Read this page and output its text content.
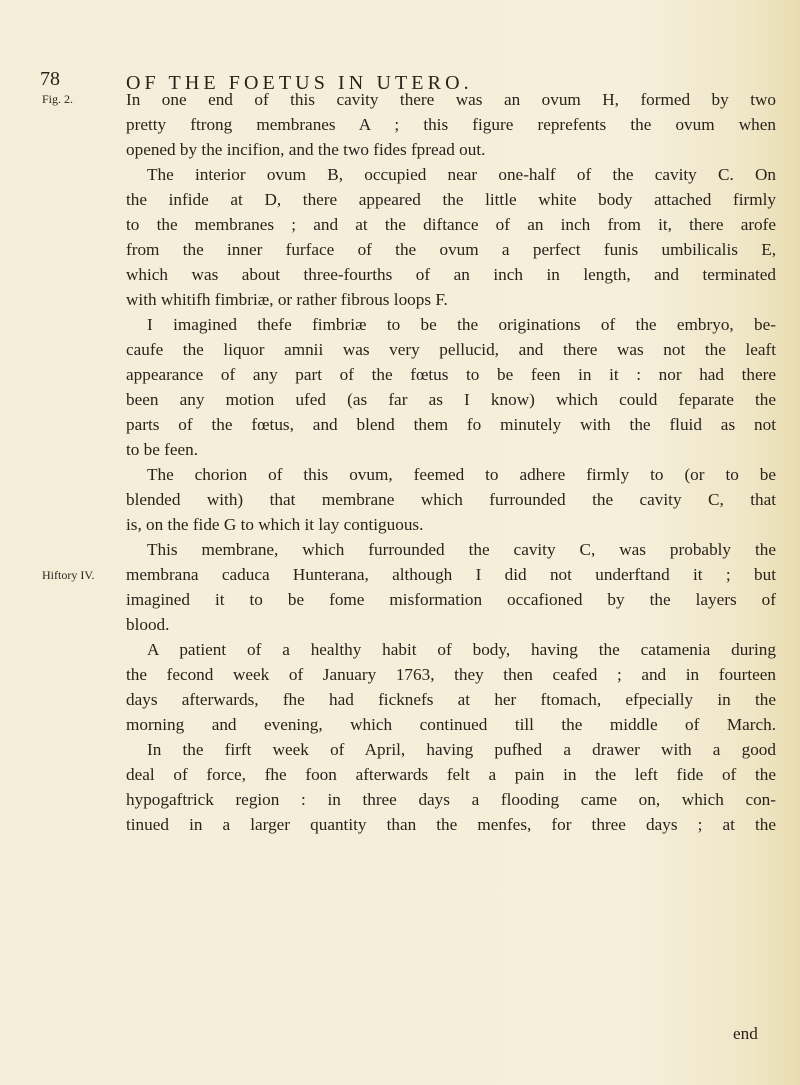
78	OF THE FOETUS IN UTERO.
Fig. 2.
Hiftory IV.
In one end of this cavity there was an ovum H, formed by two
pretty ftrong membranes A ; this figure reprefents the ovum when
opened by the incifion, and the two fides fpread out.
The interior ovum B, occupied near one-half of the cavity C. On
the infide at D, there appeared the little white body attached firmly
to the membranes ; and at the diftance of an inch from it, there arofe
from the inner furface of the ovum a perfect funis umbilicalis E,
which was about three-fourths of an inch in length, and terminated
with whitifh fimbriæ, or rather fibrous loops F.
I imagined thefe fimbriæ to be the originations of the embryo, be-
caufe the liquor amnii was very pellucid, and there was not the leaft
appearance of any part of the fœtus to be feen in it : nor had there
been any motion ufed (as far as I know) which could feparate the
parts of the fœtus, and blend them fo minutely with the fluid as not
to be feen.
The chorion of this ovum, feemed to adhere firmly to (or to be
blended with) that membrane which furrounded the cavity C, that
is, on the fide G to which it lay contiguous.
This membrane, which furrounded the cavity C, was probably the
membrana caduca Hunterana, although I did not underftand it ; but
imagined it to be fome misformation occafioned by the layers of
blood.
A patient of a healthy habit of body, having the catamenia during
the fecond week of January 1763, they then ceafed ; and in fourteen
days afterwards, fhe had ficknefs at her ftomach, efpecially in the
morning and evening, which continued till the middle of March.
In the firft week of April, having pufhed a drawer with a good
deal of force, fhe foon afterwards felt a pain in the left fide of the
hypogaftrick region : in three days a flooding came on, which con-
tinued in a larger quantity than the menfes, for three days ; at the
end
